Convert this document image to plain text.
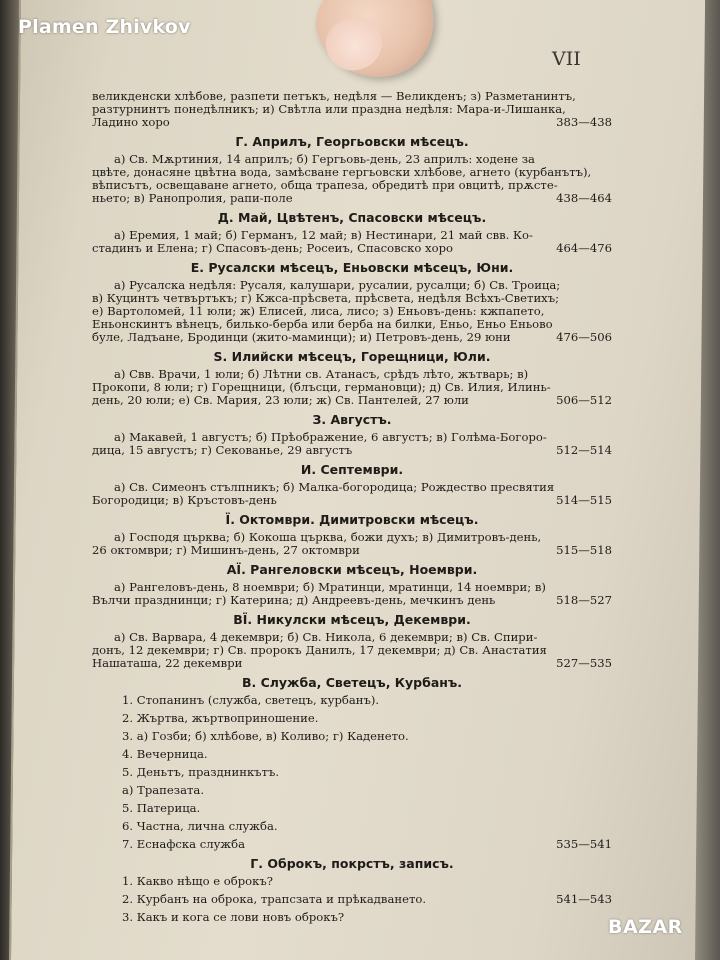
Plamen Zhivkov
VII
великденски хлѣбове, разпети петъкъ, недѣля — Великденъ; з) Разметанинтъ,
разтурнинтъ понедѣлникъ; и) Свѣтла или празднa недѣля: Мара-и-Лишанка,
Ладино хоро	383—438
Г. Априлъ, Георгьовски мѣсецъ.
а) Св. Мѫртиния, 14 априлъ; б) Гергьовь-день, 23 априлъ: ходене за
цвѣте, донасяне цвѣтна вода, замѣсване гергьовски хлѣбове, агнето (курбанътъ),
вѣписътъ, освещаване агнето, обща трапеза, обредитѣ при овцитѣ, прѫсте-
ньето; в) Ранопролия, рапи-поле	438—464
Д. Май, Цвѣтенъ, Спасовски мѣсецъ.
а) Еремия, 1 май; б) Германъ, 12 май; в) Нестинари, 21 май свв. Ко-
стадинъ и Елена; г) Спасовъ-день; Росеиъ, Спасовско хоро	464—476
Е. Русалски мѣсецъ, Еньовски мѣсецъ, Юни.
а) Русалска недѣля: Русаля, калушари, русалии, русалци; б) Св. Троица;
в) Куцинтъ четвъртъкъ; г) Кжса-прѣсвета, прѣсвета, недѣля Всѣхъ-Светихъ;
е) Вартоломей, 11 юли; ж) Елисей, лиса, лисо; з) Еньовъ-день: кжпапето,
Еньонскинтъ вѣнецъ, билько-берба или берба на билки, Еньо, Еньо Еньово
буле, Ладъане, Бродинци (жито-маминци); и) Петровъ-день, 29 юни	476—506
Ѕ. Илийски мѣсецъ, Горещници, Юли.
а) Свв. Врачи, 1 юли; б) Лѣтни св. Атанасъ, срѣдъ лѣто, жътварь; в)
Прокопи, 8 юли; г) Горещници, (блъсци, германовци); д) Св. Илия, Илинь-
день, 20 юли; е) Св. Мария, 23 юли; ж) Св. Пантелей, 27 юли	506—512
З. Августъ.
а) Макавей, 1 августъ; б) Прѣображение, 6 августъ; в) Голѣма-Богоро-
дица, 15 августъ; г) Секованье, 29 августъ	512—514
И. Септември.
а) Св. Симеонъ стълпникъ; б) Малка-богородица; Рождество пресвятия
Богородици; в) Кръстовъ-день	514—515
Ї. Октомври. Димитровски мѣсецъ.
а) Господя църква; б) Кокоша църква, божи духъ; в) Димитровъ-день,
26 октомври; г) Мишинъ-день, 27 октомври	515—518
АЇ. Рангеловски мѣсецъ, Ноември.
а) Рангеловъ-день, 8 ноември; б) Мратинци, мратинци, 14 ноември; в)
Вълчи празднинци; г) Катерина; д) Андреевъ-день, мечкинъ день	518—527
ВЇ. Никулски мѣсецъ, Декември.
а) Св. Варвара, 4 декември; б) Св. Никола, 6 декември; в) Св. Спири-
донъ, 12 декември; г) Св. пророкъ Данилъ, 17 декември; д) Св. Анастатия
Нашаташа, 22 декември	527—535
В. Служба, Светецъ, Курбанъ.
1. Стопанинъ (служба, светецъ, курбанъ).
2. Жъртва, жъртвоприношение.
3. а) Гозби; б) хлѣбове, в) Коливо; г) Каденето.
4. Вечерница.
5. Деньтъ, празднинкътъ.
а) Трапезата.
5. Патерица.
6. Частна, лична служба.
7. Еснафска служба	535—541
Г. Оброкъ, покрстъ, записъ.
1. Какво нѣщо е оброкъ?
2. Курбанъ на оброка, трапсзата и прѣкадването.	541—543
3. Какъ и кога се лови новъ оброкъ?	BAZAR
